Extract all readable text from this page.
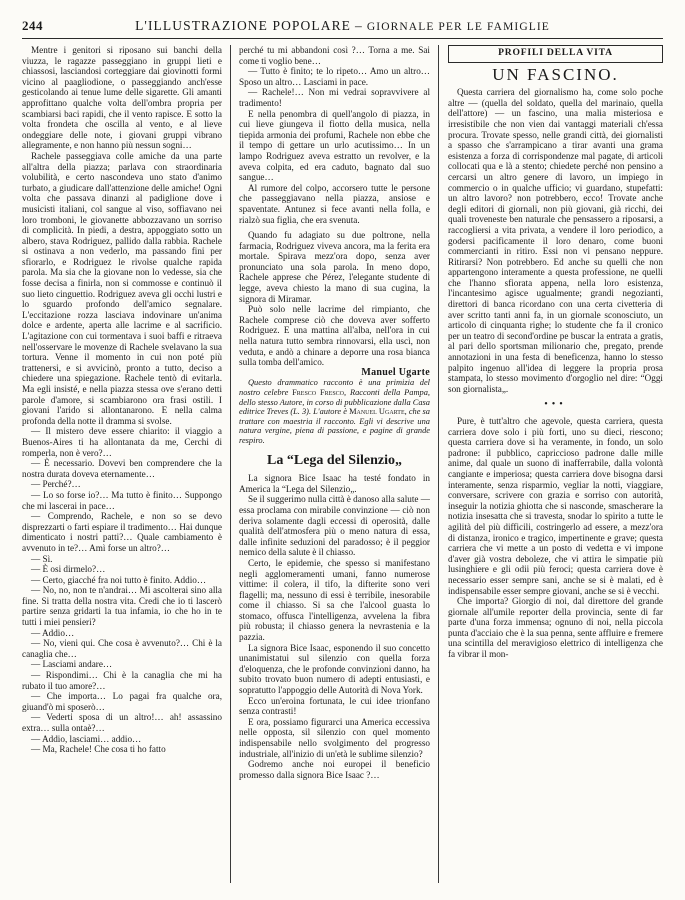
244	L'ILLUSTRAZIONE POPOLARE – GIORNALE PER LE FAMIGLIE

Mentre i genitori si riposano sui banchi della viuzza, le ragazze passeggiano in gruppi lieti e chiassosi, lasciandosi corteggiare dai giovinotti formi vicino al paagliodione, o passeggiando anch'esse gesticolando ai tenue lume delle sigarette. Gli amanti approfittano qualche volta dell'ombra propria per scambiarsi baci rapidi, che il vento rapisce. E sotto la volta frondeta che oscilla al vento, e al lieve ondeggiare delle note, i giovani gruppi vibrano allegramente, e non hanno più nessun sogni…

Rachele passeggiava colle amiche da una parte all'altra della piazza; parlava con straordinaria volubilità, e certo nascondeva uno stato d'animo turbato, a giudicare dall'attenzione delle amiche! Ogni volta che passava dinanzi al padiglione dove i musicisti italiani, col sangue al viso, soffiavano nei loro tromboni, le giovanette abbozzavano un sorriso di complicità. In piedi, a destra, appoggiato sotto un albero, stava Rodriguez, pallido dalla rabbia. Rachele si ostinava a non vederlo, ma passando fini per sfiorarlo, e Rodriguez le rivolse qualche rapida parola. Ma sia che la giovane non lo vedesse, sia che fosse decisa a finirla, non si commosse e continuò il suo lieto cinguettio. Rodriguez aveva gli occhi lustri e lo sguardo profondo dell'amico segnalare. L'eccitazione rozza lasciava indovinare un'anima dolce e ardente, aperta alle lacrime e al sacrificio. L'agitazione con cui tormentava i suoi baffi e ritraeva nell'osservare le movenze di Rachele svelavano la sua tortura. Venne il momento in cui non poté più trattenersi, e si avvicinò, pronto a tutto, deciso a chiedere una spiegazione. Rachele tentò di evitarla. Ma egli insisté, e nella piazza stessa ove s'erano detti parole d'amore, si scambiarono ora frasi ostili. I giovani l'arido si allontanarono. E nella calma profonda della notte il dramma si svolse.

— Il mistero deve essere chiarito: il viaggio a Buenos-Aires ti ha allontanata da me, Cerchi di romperla, non è vero?…

— È necessario. Dovevi ben comprendere che la nostra durata doveva eternamente…

— Perché?…

— Lo so forse io?… Ma tutto è finito… Suppongo che mi lascerai in pace…

— Comprendo, Rachele, e non so se devo disprezzarti o farti espiare il tradimento… Hai dunque dimenticato i nostri patti?… Quale cambiamento è avvenuto in te?… Amì forse un altro?…

— Sì.

— È osi dirmelo?…

— Certo, giacché fra noi tutto è finito. Addio…

— No, no, non te n'andrai… Mi ascolterai sino alla fine. Si tratta della nostra vita. Credi che io ti lascerò partire senza gridarti la tua infamia, io che ho in te tutti i miei pensieri?

— Addio…

— No, vieni qui. Che cosa è avvenuto?… Chi è la canaglia che…

— Lasciami andare…

— Rispondimi… Chi è la canaglia che mi ha rubato il tuo amore?…

— Che importa… Lo pagai fra qualche ora, giuand'ò mi sposerò…

— Vederti sposa di un altro!… ah! assassino extra… sulla ontaè?…

— Addio, lasciami… addio…

— Ma, Rachele! Che cosa ti ho fatto

perché tu mi abbandoni così ?… Torna a me. Sai come ti voglio bene…

— Tutto è finito; te lo ripeto… Amo un altro… Sposo un altro… Lasciami in pace.

— Rachele!… Non mi vedrai sopravvivere al tradimento!

E nella penombra di quell'angolo di piazza, in cui lieve giungeva il fiotto della musica, nella tiepida armonia dei profumi, Rachele non ebbe che il tempo di gettare un urlo acutissimo… In un lampo Rodriguez aveva estratto un revolver, e la aveva colpita, ed era caduto, bagnato dal suo sangue…

Al rumore del colpo, accorsero tutte le persone che passeggiavano nella piazza, ansiose e spaventate. Antunez si fece avanti nella folla, e rialzò sua figlia, che era svenuta.

Quando fu adagiato su due poltrone, nella farmacia, Rodriguez viveva ancora, ma la ferita era mortale. Spirava mezz'ora dopo, senza aver pronunciato una sola parola. In meno dopo, Rachele apprese che Pérez, l'elegante studente di legge, aveva chiesto la mano di sua cugina, la signora di Miramar.

Può solo nelle lacrime del rimpianto, che Rachele comprese ciò che doveva aver sofferto Rodriguez. E una mattina all'alba, nell'ora in cui nella natura tutto sembra rinnovarsi, ella uscì, non veduta, e andò a chinare a deporre una rosa bianca sulla tomba dell'amico.

Manuel Ugarte

Questo drammatico racconto è una primizia del nostro celebre Fresco Fresco, Racconti della Pampa, dello stesso Autore, in corso di pubblicazione dalla Casa editrice Treves (L. 3). L'autore è Manuel Ugarte, che sa trattare con maestria il racconto. Egli vi descrive una natura vergine, piena di passione, e pagine di grande respiro.

La “Lega del Silenzio„

La signora Bice Isaac ha testé fondato in America la “Lega del Silenzio„.

Se il suggerimo nulla città è danoso alla salute — essa proclama con mirabile convinzione — ciò non deriva solamente dagli eccessi di operosità, dalle qualità dell'atmosfera più o meno natura di essa, dalle infinite seduzioni del paradosso; è il peggior nemico della salute è il chiasso.

Certo, le epidemie, che spesso si manifestano negli agglomeramenti umani, fanno numerose vittime: il colera, il tifo, la difterite sono veri flagelli; ma, nessuno di essi è terribile, inesorabile come il chiasso. Si sa che l'alcool guasta lo stomaco, offusca l'intelligenza, avvelena la fibra più robusta; il chiasso genera la nevrastenia e la pazzia.

La signora Bice Isaac, esponendo il suo concetto unanimistatui sul silenzio con quella forza d'eloquenza, che le profonde convinzioni danno, ha subito trovato buon numero di adepti entusiasti, e sopratutto l'appoggio delle Autorità di Nova York.

Ecco un'eroina fortunata, le cui idee trionfano senza contrasti!

E ora, possiamo figurarci una America eccessiva nelle opposta, sil silenzio con quel momento indispensabile nello svolgimento del progresso industriale, all'inizio di un'età le sublime silenzio?

Godremo anche noi europei il beneficio promesso dalla signora Bice Isaac ?…

PROFILI DELLA VITA
UN FASCINO.

Questa carriera del giornalismo ha, come solo poche altre — (quella del soldato, quella del marinaio, quella dell'attore) — un fascino, una malia misteriosa e irresistibile che non vien dai vantaggi materiali ch'essa procura. Trovate spesso, nelle grandi città, dei giornalisti a spasso che s'arrampicano a tirar avanti una grama esistenza a forza di corrispondenze mal pagate, di articoli collocati qua e là a stento; chiedete perché non pensino a cercarsi un altro genere di lavoro, un impiego in commercio o in qualche ufficio; vi guardano, stupefatti: un altro lavoro? non potrebbero, ecco! Trovate anche degli editori di giornali, non più giovani, già ricchi, dei quali troveneste ben naturale che pensassero a riposarsi, a raccogliersi a vita privata, a vendere il loro periodico, a godersi pacificamente il loro denaro, come buoni commercianti in ritiro. Essi non vi pensano neppure. Ritirarsi? Non potrebbero. Ed anche su quelli che non appartengono interamente a questa professione, ne quelli che l'hanno sfiorata appena, nella loro esistenza, l'incantesimo agisce ugualmente; grandi negozianti, direttori di banca ricordano con una certa civetteria di aver scritto tanti anni fa, in un giornale sconosciuto, un articolo di cinquanta righe; lo studente che fa il cronico per un teatro di second'ordine pe buscar la entrata a gratis, al pari dello sportsman milionario che, pregato, prende annotazioni in una festa di beneficenza, hanno lo stesso palpito ingenuo all'idea di leggere la propria prosa stampata, lo stesso movimento d'orgoglio nel dire: “Oggi son giornalista„.

•••

Pure, è tutt'altro che agevole, questa carriera, questa carriera dove solo i più forti, uno su dieci, riescono; questa carriera dove si ha veramente, in fondo, un solo padrone: il pubblico, capriccioso padrone dalle mille anime, dal quale un suono di inafferrabile, dalla volontà cangiante e imperiosa; questa carriera dove bisogna darsi interamente, senza risparmio, vegliar la notti, viaggiare, conversare, scrivere con grazia e sorriso con autorità, inseguir la notizia ghiotta che si nasconde, smascherare la notizia insesatta che si travesta, snodar lo spirito a tutte le agilità del più difficili, costringerlo ad essere, a mezz'ora di distanza, ironico e tragico, impertinente e grave; questa carriera che vi mette a un posto di vedetta e vi impone d'aver già vostra deboleze, che vi attira le simpatie più lusinghiere e gli odii più feroci; questa carriera dove è necessario esser sempre sani, anche se si è malati, ed è indispensabile esser sempre giovani, anche se si è vecchi.

Che importa? Giorgio di noi, dal direttore del grande giornale all'umile reporter della provincia, sente di far parte d'una forza immensa; ognuno di noi, nella piccola punta d'acciaio che è la sua penna, sente affluire e fremere una scintilla del meravigioso elettrico di intelligenza che fa vibrar il mon-
